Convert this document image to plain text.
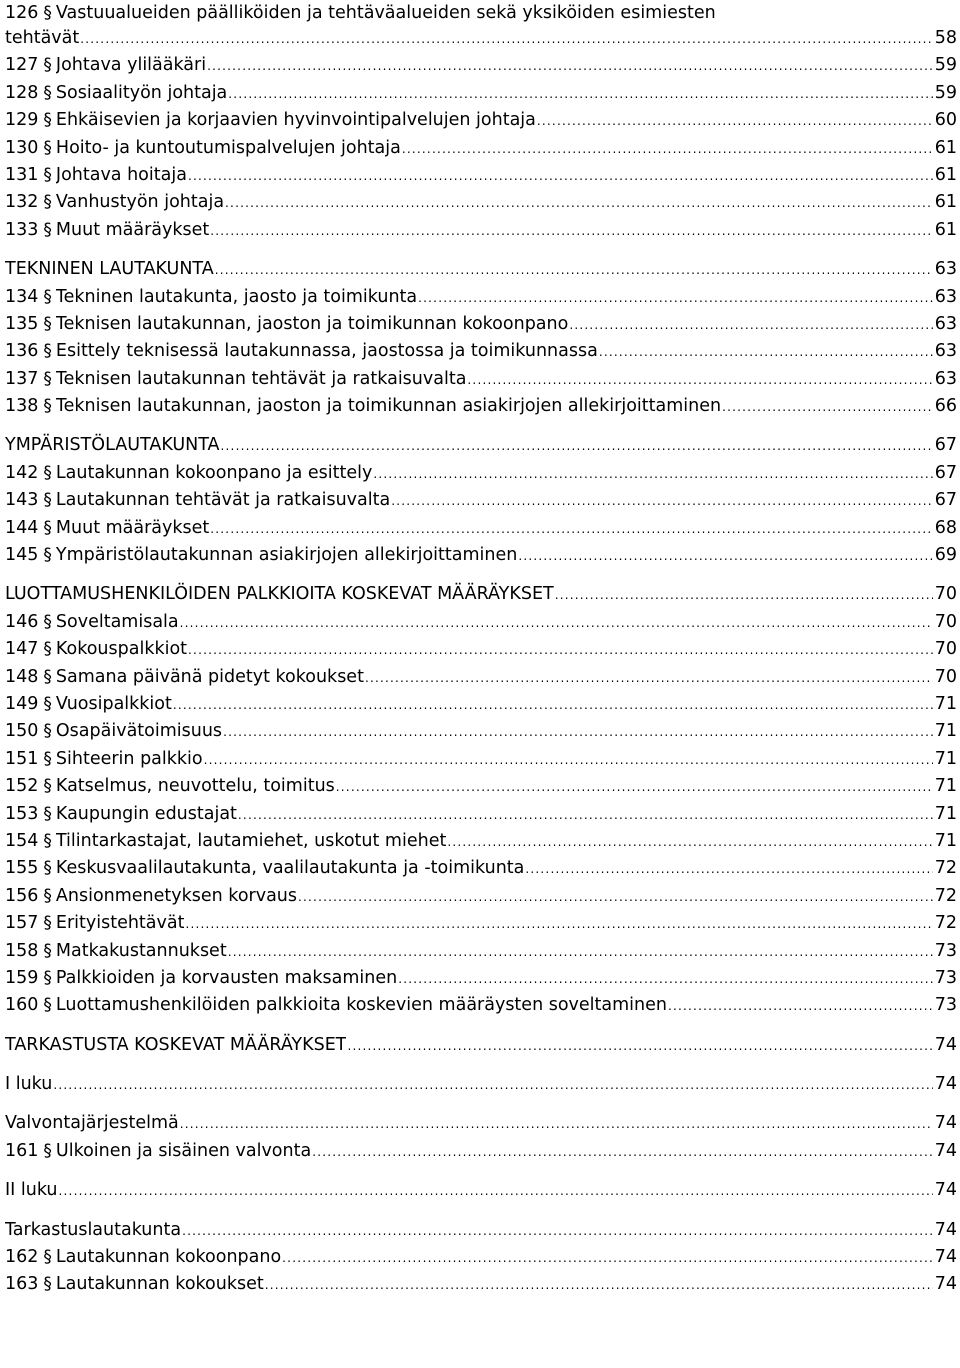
126 § Vastuualueiden päälliköiden ja tehtäväalueiden sekä yksiköiden esimiesten
tehtävät .....	58
127 § Johtava ylilääkäri .....	59
128 § Sosiaalityön johtaja .....	59
129 § Ehkäisevien ja korjaavien hyvinvointipalvelujen johtaja .....	60
130 § Hoito- ja kuntoutumispalvelujen johtaja .....	61
131 § Johtava hoitaja .....	61
132 § Vanhustyön johtaja .....	61
133 § Muut määräykset .....	61
TEKNINEN LAUTAKUNTA .....	63
134 § Tekninen lautakunta, jaosto ja toimikunta .....	63
135 § Teknisen lautakunnan, jaoston ja toimikunnan kokoonpano .....	63
136 § Esittely teknisessä lautakunnassa, jaostossa ja toimikunnassa .....	63
137 § Teknisen lautakunnan tehtävät ja ratkaisuvalta .....	63
138 § Teknisen lautakunnan, jaoston ja toimikunnan asiakirjojen allekirjoittaminen .....	66
YMPÄRISTÖLAUTAKUNTA .....	67
142 § Lautakunnan kokoonpano ja esittely .....	67
143 § Lautakunnan tehtävät ja ratkaisuvalta .....	67
144 § Muut määräykset .....	68
145 § Ympäristölautakunnan asiakirjojen allekirjoittaminen .....	69
LUOTTAMUSHENKILÖIDEN PALKKIOITA KOSKEVAT MÄÄRÄYKSET .....	70
146 § Soveltamisala .....	70
147 § Kokouspalkkiot .....	70
148 § Samana päivänä pidetyt kokoukset .....	70
149 § Vuosipalkkiot .....	71
150 § Osapäivätoimisuus .....	71
151 § Sihteerin palkkio .....	71
152 § Katselmus, neuvottelu, toimitus .....	71
153 § Kaupungin edustajat .....	71
154 § Tilintarkastajat, lautamiehet, uskotut miehet .....	71
155 § Keskusvaalilautakunta, vaalilautakunta ja -toimikunta .....	72
156 § Ansionmenetyksen korvaus .....	72
157 § Erityistehtävät .....	72
158 § Matkakustannukset .....	73
159 § Palkkioiden ja korvausten maksaminen .....	73
160 § Luottamushenkilöiden palkkioita koskevien määräysten soveltaminen .....	73
TARKASTUSTA KOSKEVAT MÄÄRÄYKSET .....	74
I luku .....	74
Valvontajärjestelmä .....	74
161 § Ulkoinen ja sisäinen valvonta .....	74
II luku .....	74
Tarkastuslautakunta .....	74
162 § Lautakunnan kokoonpano .....	74
163 § Lautakunnan kokoukset .....	74
